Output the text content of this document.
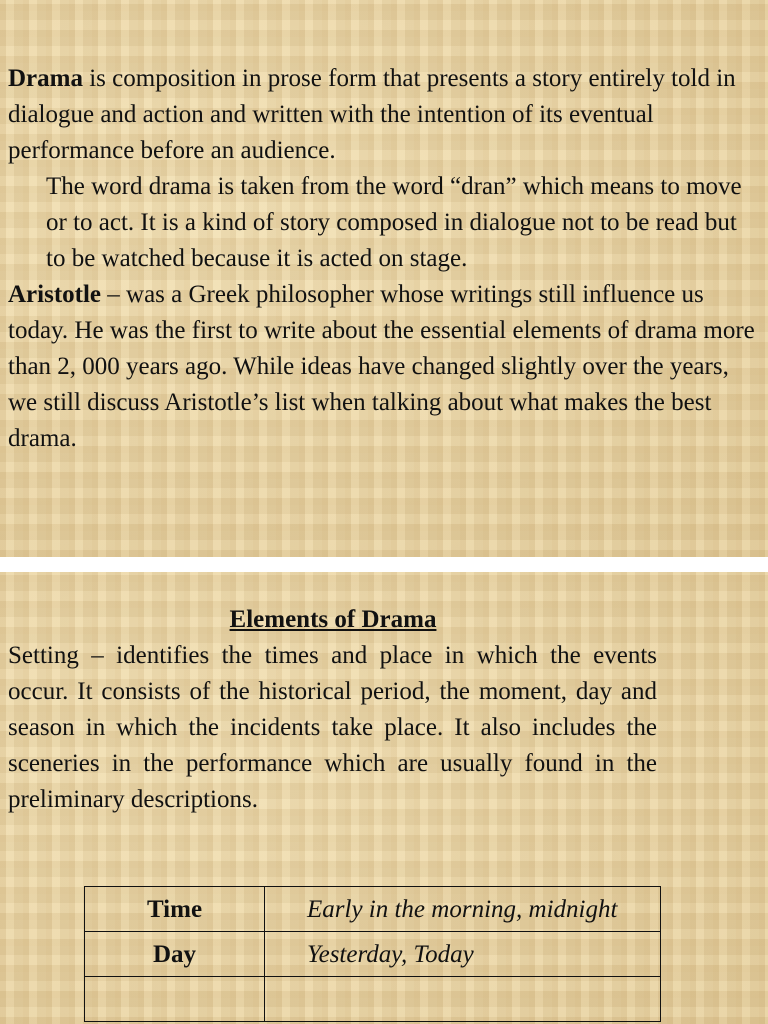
Drama is composition in prose form that presents a story entirely told in dialogue and action and written with the intention of its eventual performance before an audience.

The word drama is taken from the word “dran” which means to move or to act. It is a kind of story composed in dialogue not to be read but to be watched because it is acted on stage.

Aristotle – was a Greek philosopher whose writings still influence us today. He was the first to write about the essential elements of drama more than 2, 000 years ago. While ideas have changed slightly over the years, we still discuss Aristotle’s list when talking about what makes the best drama.

Elements of Drama

Setting – identifies the times and place in which the events occur. It consists of the historical period, the moment, day and season in which the incidents take place. It also includes the sceneries in the performance which are usually found in the preliminary descriptions.

Time	Early in the morning, midnight
Day	Yesterday, Today
